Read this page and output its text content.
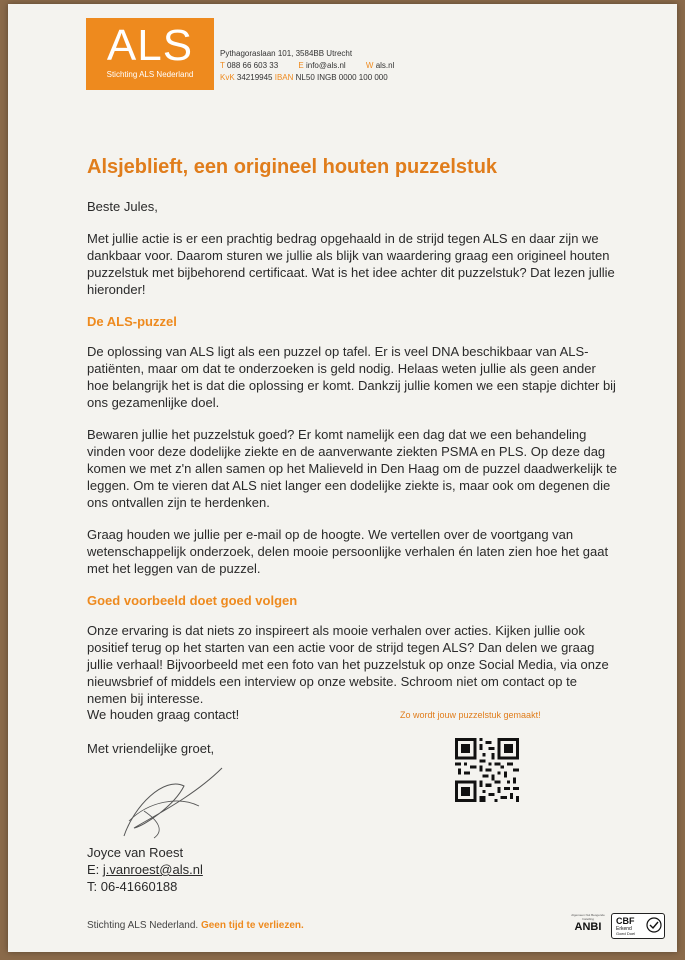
ALS
Stichting ALS Nederland
Pythagoraslaan 101, 3584BB Utrecht
T 088 66 603 33	E info@als.nl	W als.nl
KvK 34219945 IBAN NL50 INGB 0000 100 000
Alsjeblieft, een origineel houten puzzelstuk

Beste Jules,

Met jullie actie is er een prachtig bedrag opgehaald in de strijd tegen ALS en daar zijn we dankbaar voor. Daarom sturen we jullie als blijk van waardering graag een origineel houten puzzelstuk met bijbehorend certificaat. Wat is het idee achter dit puzzelstuk? Dat lezen jullie hieronder!

De ALS-puzzel

De oplossing van ALS ligt als een puzzel op tafel. Er is veel DNA beschikbaar van ALS-patiënten, maar om dat te onderzoeken is geld nodig. Helaas weten jullie als geen ander hoe belangrijk het is dat die oplossing er komt. Dankzij jullie komen we een stapje dichter bij ons gezamenlijke doel.

Bewaren jullie het puzzelstuk goed? Er komt namelijk een dag dat we een behandeling vinden voor deze dodelijke ziekte en de aanverwante ziekten PSMA en PLS. Op deze dag komen we met z'n allen samen op het Malieveld in Den Haag om de puzzel daadwerkelijk te leggen. Om te vieren dat ALS niet langer een dodelijke ziekte is, maar ook om degenen die ons ontvallen zijn te herdenken.

Graag houden we jullie per e-mail op de hoogte. We vertellen over de voortgang van wetenschappelijk onderzoek, delen mooie persoonlijke verhalen én laten zien hoe het gaat met het leggen van de puzzel.

Goed voorbeeld doet goed volgen

Onze ervaring is dat niets zo inspireert als mooie verhalen over acties. Kijken jullie ook positief terug op het starten van een actie voor de strijd tegen ALS? Dan delen we graag jullie verhaal! Bijvoorbeeld met een foto van het puzzelstuk op onze Social Media, via onze nieuwsbrief of middels een interview op onze website. Schroom niet om contact op te nemen bij interesse.

We houden graag contact!
Met vriendelijke groet,
Joyce van Roest
E: j.vanroest@als.nl
T: 06-41660188
Zo wordt jouw puzzelstuk gemaakt!
Stichting ALS Nederland. Geen tijd te verliezen.
Algemeen Nut Beogende Instelling
ANBI	CBF
Erkend
Goed Doel
